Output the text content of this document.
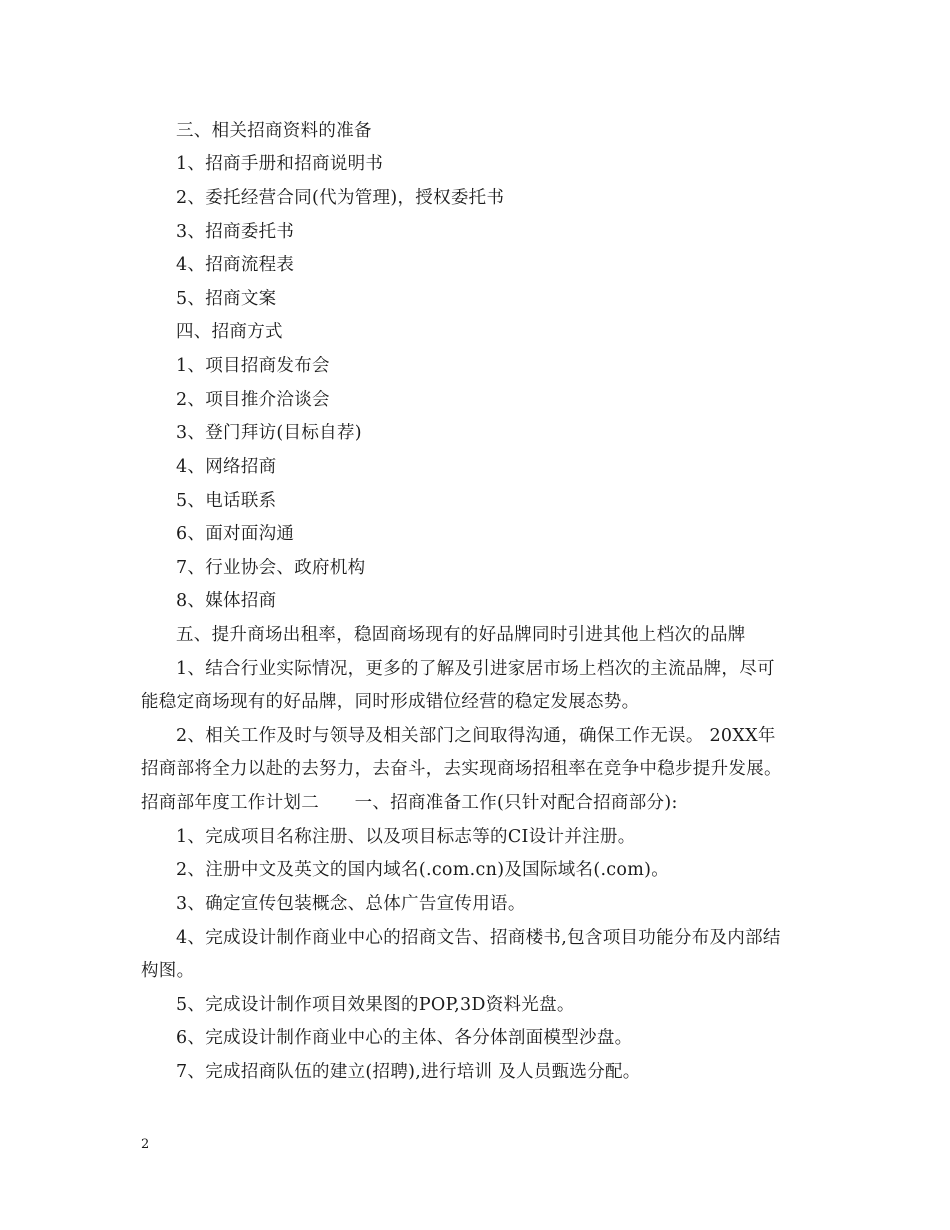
三、相关招商资料的准备
1、招商手册和招商说明书
2、委托经营合同(代为管理)，授权委托书
3、招商委托书
4、招商流程表
5、招商文案
四、招商方式
1、项目招商发布会
2、项目推介洽谈会
3、登门拜访(目标自荐)
4、网络招商
5、电话联系
6、面对面沟通
7、行业协会、政府机构
8、媒体招商
五、提升商场出租率，稳固商场现有的好品牌同时引进其他上档次的品牌
1、结合行业实际情况，更多的了解及引进家居市场上档次的主流品牌，尽可
能稳定商场现有的好品牌，同时形成错位经营的稳定发展态势。
2、相关工作及时与领导及相关部门之间取得沟通，确保工作无误。 20XX年
招商部将全力以赴的去努力，去奋斗，去实现商场招租率在竞争中稳步提升发展。
招商部年度工作计划二　　一、招商准备工作(只针对配合招商部分):
1、完成项目名称注册、以及项目标志等的CI设计并注册。
2、注册中文及英文的国内域名(.com.cn)及国际域名(.com)。
3、确定宣传包装概念、总体广告宣传用语。
4、完成设计制作商业中心的招商文告、招商楼书,包含项目功能分布及内部结
构图。
5、完成设计制作项目效果图的POP,3D资料光盘。
6、完成设计制作商业中心的主体、各分体剖面模型沙盘。
7、完成招商队伍的建立(招聘),进行培训 及人员甄选分配。
2
